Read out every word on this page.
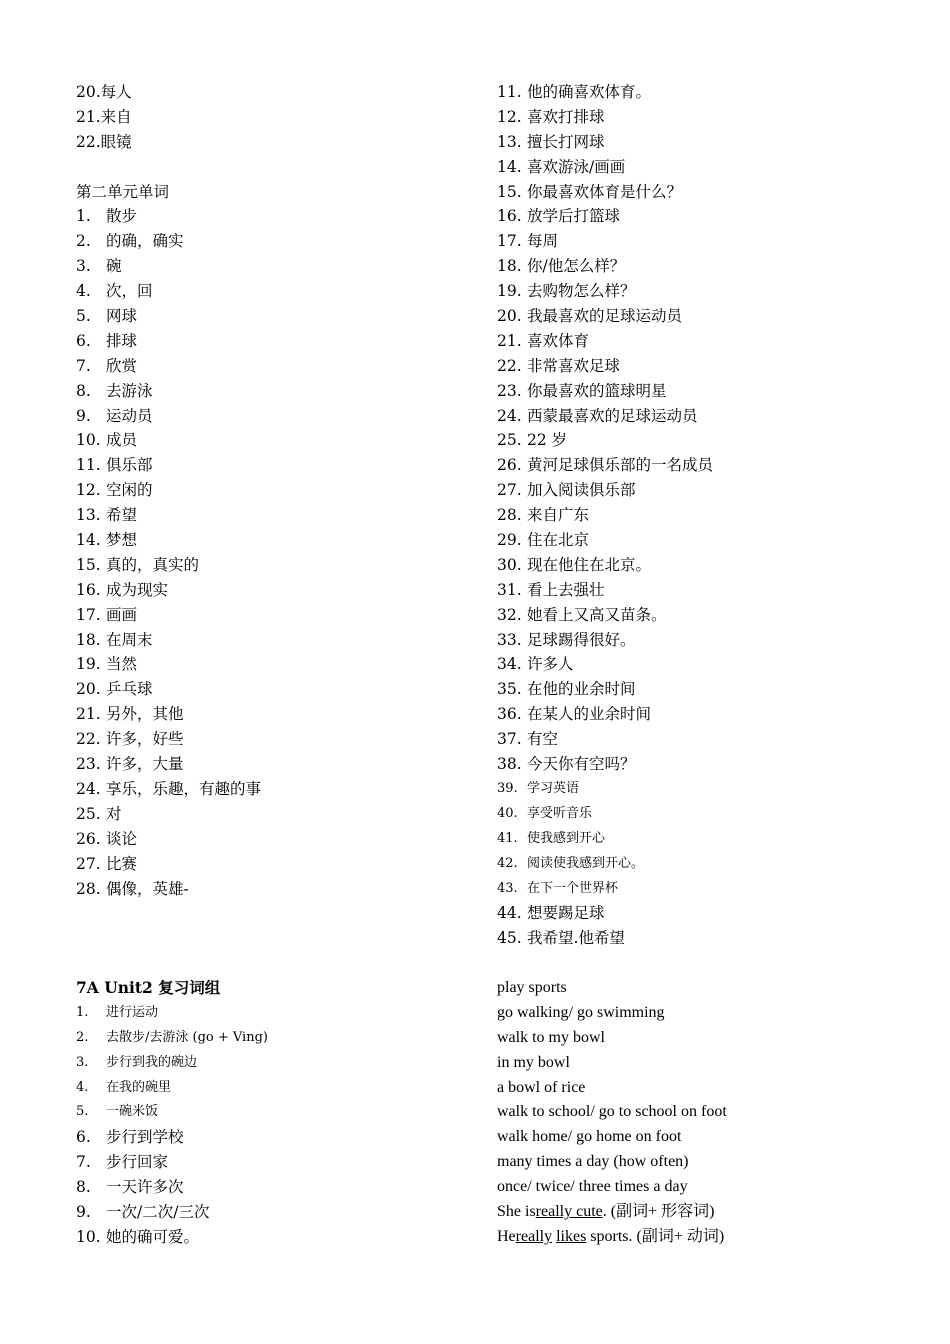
20.每人
21.来自
22.眼镜
第二单元单词
1. 散步
2. 的确，确实
3. 碗
4. 次，回
5. 网球
6. 排球
7. 欣赏
8. 去游泳
9. 运动员
10. 成员
11. 俱乐部
12. 空闲的
13. 希望
14. 梦想
15. 真的，真实的
16. 成为现实
17. 画画
18. 在周末
19. 当然
20. 乒乓球
21. 另外，其他
22. 许多，好些
23. 许多，大量
24. 享乐，乐趣，有趣的事
25. 对
26. 谈论
27. 比赛
28. 偶像，英雄-
11. 他的确喜欢体育。
12. 喜欢打排球
13. 擅长打网球
14. 喜欢游泳/画画
15. 你最喜欢体育是什么？
16. 放学后打篮球
17. 每周
18. 你/他怎么样？
19. 去购物怎么样？
20. 我最喜欢的足球运动员
21. 喜欢体育
22. 非常喜欢足球
23. 你最喜欢的篮球明星
24. 西蒙最喜欢的足球运动员
25. 22 岁
26. 黄河足球俱乐部的一名成员
27. 加入阅读俱乐部
28. 来自广东
29. 住在北京
30. 现在他住在北京。
31. 看上去强壮
32. 她看上又高又苗条。
33. 足球踢得很好。
34. 许多人
35. 在他的业余时间
36. 在某人的业余时间
37. 有空
38. 今天你有空吗？
39. 学习英语
40. 享受听音乐
41. 使我感到开心
42. 阅读使我感到开心。
43. 在下一个世界杯
44. 想要踢足球
45. 我希望.他希望
7A Unit2 复习词组
1.	进行运动
2.	去散步/去游泳 (go + Ving)
3.	步行到我的碗边
4.	在我的碗里
5.	一碗米饭
6. 步行到学校
7. 步行回家
8. 一天许多次
9. 一次/二次/三次
10. 她的确可爱。
play sports
go walking/ go swimming
walk to my bowl
in my bowl
a bowl of rice
walk to school/ go to school on foot
walk home/ go home on foot
many times a day (how often)
once/ twice/ three times a day
She is really cute . (副词+ 形容词)
He really
likes sports. (副词+ 动词)
